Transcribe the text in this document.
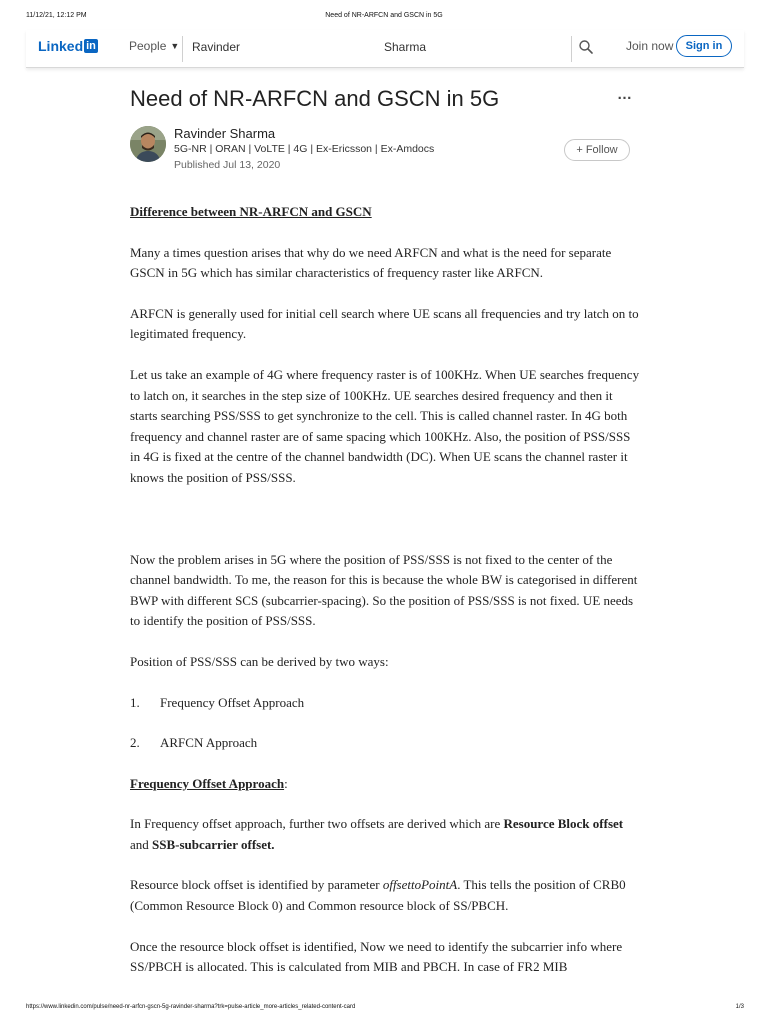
11/12/21, 12:12 PM	Need of NR-ARFCN and GSCN in 5G
Linked in	People ▼ Ravinder	Sharma	Join now	Sign in
Need of NR-ARFCN and GSCN in 5G	…
Ravinder Sharma
5G-NR | ORAN | VoLTE | 4G | Ex-Ericsson | Ex-Amdocs
Published Jul 13, 2020
+ Follow

Difference between NR-ARFCN and GSCN

Many a times question arises that why do we need ARFCN and what is the need for separate GSCN in 5G which has similar characteristics of frequency raster like ARFCN.

ARFCN is generally used for initial cell search where UE scans all frequencies and try latch on to legitimated frequency.

Let us take an example of 4G where frequency raster is of 100KHz. When UE searches frequency to latch on, it searches in the step size of 100KHz. UE searches desired frequency and then it starts searching PSS/SSS to get synchronize to the cell. This is called channel raster. In 4G both frequency and channel raster are of same spacing which 100KHz. Also, the position of PSS/SSS in 4G is fixed at the centre of the channel bandwidth (DC). When UE scans the channel raster it knows the position of PSS/SSS.

Now the problem arises in 5G where the position of PSS/SSS is not fixed to the center of the channel bandwidth. To me, the reason for this is because the whole BW is categorised in different BWP with different SCS (subcarrier-spacing). So the position of PSS/SSS is not fixed. UE needs to identify the position of PSS/SSS.

Position of PSS/SSS can be derived by two ways:

1. Frequency Offset Approach

2. ARFCN Approach

Frequency Offset Approach:

In Frequency offset approach, further two offsets are derived which are Resource Block offset and SSB-subcarrier offset.

Resource block offset is identified by parameter offsettoPointA. This tells the position of CRB0 (Common Resource Block 0) and Common resource block of SS/PBCH.

Once the resource block offset is identified, Now we need to identify the subcarrier info where SS/PBCH is allocated. This is calculated from MIB and PBCH. In case of FR2 MIB

https://www.linkedin.com/pulse/need-nr-arfcn-gscn-5g-ravinder-sharma?trk=pulse-article_more-articles_related-content-card	1/3
